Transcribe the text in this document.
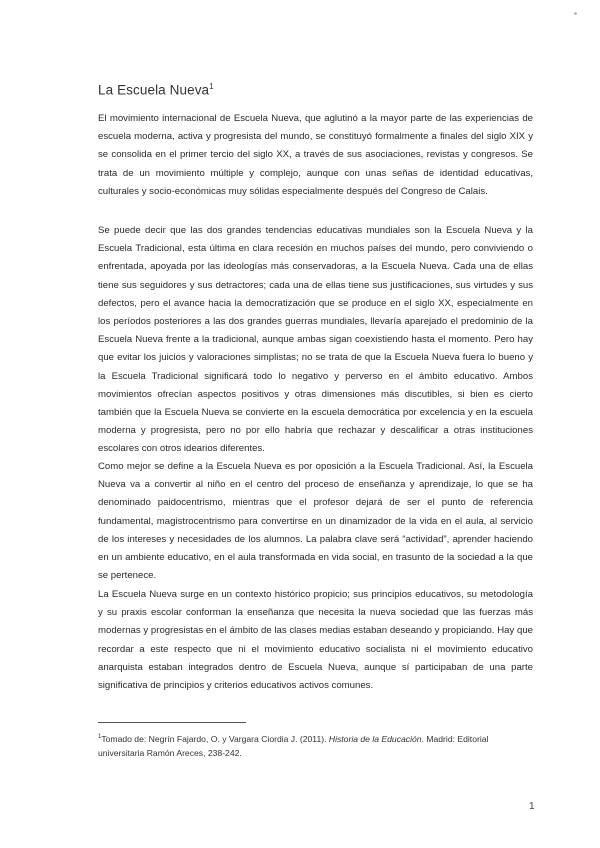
La Escuela Nueva$^1$
El movimiento internacional de Escuela Nueva, que aglutinó a la mayor parte de las experiencias de escuela moderna, activa y progresista del mundo, se constituyó formalmente a finales del siglo XIX y se consolida en el primer tercio del siglo XX, a través de sus asociaciones, revistas y congresos. Se trata de un movimiento múltiple y complejo, aunque con unas señas de identidad educativas, culturales y socio-económicas muy sólidas especialmente después del Congreso de Calais.
Se puede decir que las dos grandes tendencias educativas mundiales son la Escuela Nueva y la Escuela Tradicional, esta última en clara recesión en muchos países del mundo, pero conviviendo o enfrentada, apoyada por las ideologías más conservadoras, a la Escuela Nueva. Cada una de ellas tiene sus seguidores y sus detractores; cada una de ellas tiene sus justificaciones, sus virtudes y sus defectos, pero el avance hacia la democratización que se produce en el siglo XX, especialmente en los períodos posteriores a las dos grandes guerras mundiales, llevaría aparejado el predominio de la Escuela Nueva frente a la tradicional, aunque ambas sigan coexistiendo hasta el momento. Pero hay que evitar los juicios y valoraciones simplistas; no se trata de que la Escuela Nueva fuera lo bueno y la Escuela Tradicional significará todo lo negativo y perverso en el ámbito educativo. Ambos movimientos ofrecían aspectos positivos y otras dimensiones más discutibles, si bien es cierto también que la Escuela Nueva se convierte en la escuela democrática por excelencia y en la escuela moderna y progresista, pero no por ello habría que rechazar y descalificar a otras instituciones escolares con otros idearios diferentes.
Como mejor se define a la Escuela Nueva es por oposición a la Escuela Tradicional. Así, la Escuela Nueva va a convertir al niño en el centro del proceso de enseñanza y aprendizaje, lo que se ha denominado paidocentrismo, mientras que el profesor dejará de ser el punto de referencia fundamental, magistrocentrismo para convertirse en un dinamizador de la vida en el aula, al servicio de los intereses y necesidades de los alumnos. La palabra clave será “actividad”, aprender haciendo en un ambiente educativo, en el aula transformada en vida social, en trasunto de la sociedad a la que se pertenece.
La Escuela Nueva surge en un contexto histórico propicio; sus principios educativos, su metodología y su praxis escolar conforman la enseñanza que necesita la nueva sociedad que las fuerzas más modernas y progresistas en el ámbito de las clases medias estaban deseando y propiciando. Hay que recordar a este respecto que ni el movimiento educativo socialista ni el movimiento educativo anarquista estaban integrados dentro de Escuela Nueva, aunque sí participaban de una parte significativa de principios y criterios educativos activos comunes.
$^1$Tomado de: Negrín Fajardo, O. y Vargara Ciordia J. (2011). Historia de la Educación. Madrid: Editorial universitaria Ramón Areces, 238-242.
1
